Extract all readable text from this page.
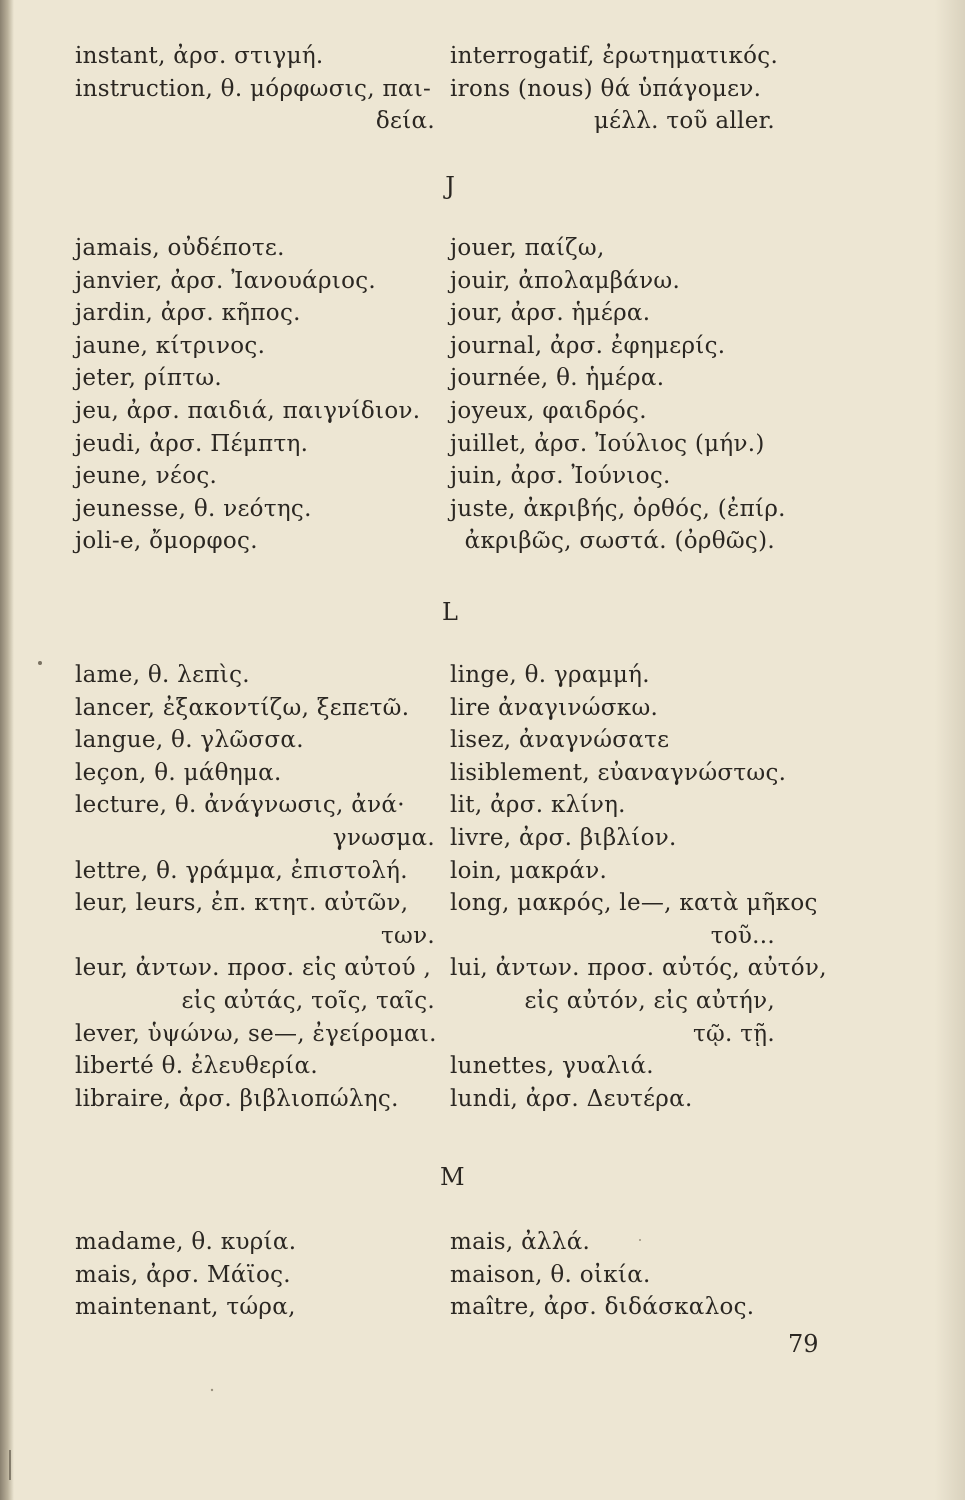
instant, ἀρσ. στιγμή.
instruction, θ. μόρφωσις, παι-
δεία.
interrogatif, ἐρωτηματικός.
irons (nous) θά ὑπάγομεν.
μέλλ. τοῦ aller.
J
jamais, οὐδέποτε.
janvier, ἀρσ. Ἰανουάριος.
jardin, ἀρσ. κῆπος.
jaune, κίτρινος.
jeter, ρίπτω.
jeu, ἀρσ. παιδιά, παιγνίδιον.
jeudi, ἀρσ. Πέμπτη.
jeune, νέος.
jeunesse, θ. νεότης.
joli-e, ὄμορφος.
jouer, παίζω,
jouir, ἀπολαμβάνω.
jour, ἀρσ. ἡμέρα.
journal, ἀρσ. ἐφημερίς.
journée, θ. ἡμέρα.
joyeux, φαιδρός.
juillet, ἀρσ. Ἰούλιος (μήν.)
juin, ἀρσ. Ἰούνιος.
juste, ἀκριβής, ὀρθός, (ἐπίρ.
ἀκριβῶς, σωστά. (ὀρθῶς).
L
lame, θ. λεπὶς.
lancer, ἐξακοντίζω, ξεπετῶ.
langue, θ. γλῶσσα.
leçon, θ. μάθημα.
lecture, θ. ἀνάγνωσις, ἀνά·
γνωσμα.
lettre, θ. γράμμα, ἐπιστολή.
leur, leurs, ἐπ. κτητ. αὐτῶν,
των.
leur, ἀντων. προσ. εἰς αὐτού ,
εἰς αὐτάς, τοῖς, ταῖς.
lever, ὑψώνω, se—, ἐγείρομαι.
liberté θ. ἐλευθερία.
libraire, ἀρσ. βιβλιοπώλης.
linge, θ. γραμμή.
lire ἀναγινώσκω.
lisez, ἀναγνώσατε
lisiblement, εὐαναγνώστως.
lit, ἀρσ. κλίνη.
livre, ἀρσ. βιβλίον.
loin, μακράν.
long, μακρός, le—, κατὰ μῆκος
τοῦ...
lui, ἀντων. προσ. αὐτός, αὐτόν,
εἰς αὐτόν, εἰς αὐτήν,
τῷ. τῇ.
lunettes, γυαλιά.
lundi, ἀρσ. Δευτέρα.
M
madame, θ. κυρία.
mais, ἀρσ. Μάϊος.
maintenant, τώρα,
mais, ἀλλά.
maison, θ. οἰκία.
maître, ἀρσ. διδάσκαλος.
79
